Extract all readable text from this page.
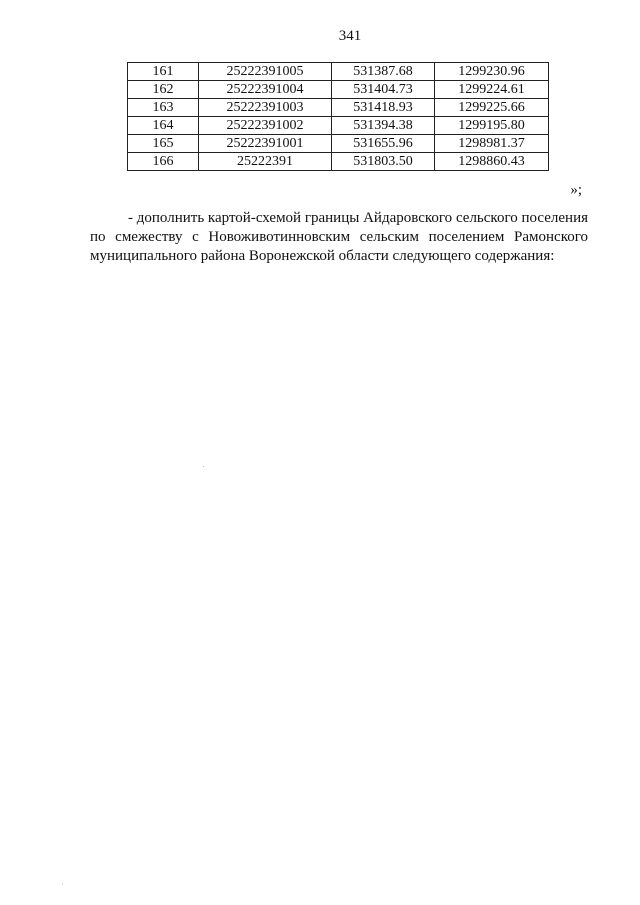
341
161	25222391005	531387.68	1299230.96
162	25222391004	531404.73	1299224.61
163	25222391003	531418.93	1299225.66
164	25222391002	531394.38	1299195.80
165	25222391001	531655.96	1298981.37
166	25222391	531803.50	1298860.43
»;
- дополнить картой-схемой границы Айдаровского сельского поселения по смежеству с Новоживотинновским сельским поселением Рамонского муниципального района Воронежской области следующего содержания:
